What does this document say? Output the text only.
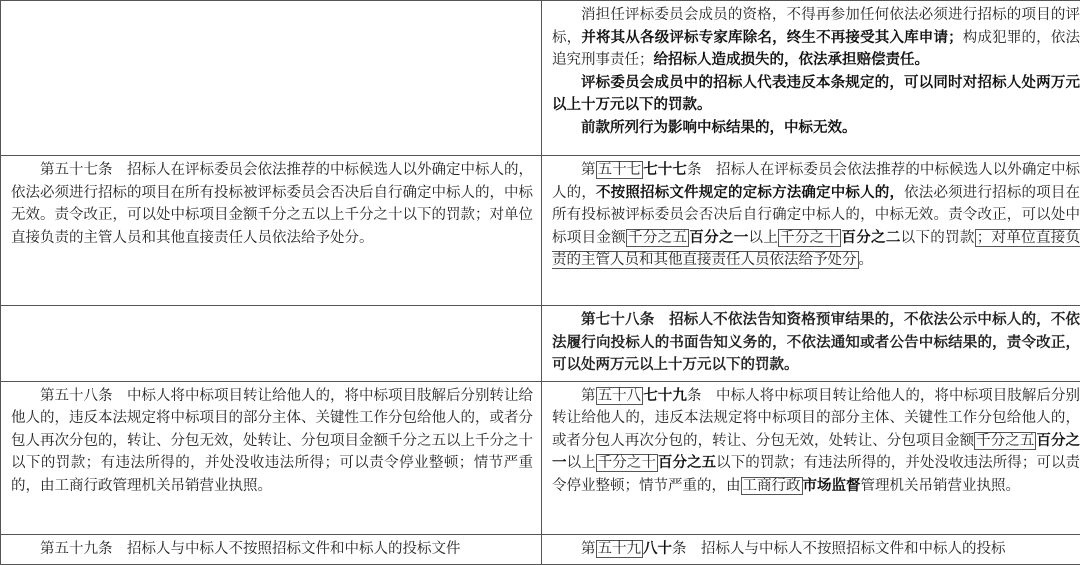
	消担任评标委员会成员的资格，不得再参加任何依法必须进行招标的项目的评标，并将其从各级评标专家库除名，终生不再接受其入库申请；构成犯罪的，依法追究刑事责任；给招标人造成损失的，依法承担赔偿责任。

评标委员会成员中的招标人代表违反本条规定的，可以同时对招标人处两万元以上十万元以下的罚款。

前款所列行为影响中标结果的，中标无效。

第五十七条 招标人在评标委员会依法推荐的中标候选人以外确定中标人的，依法必须进行招标的项目在所有投标被评标委员会否决后自行确定中标人的，中标无效。责令改正，可以处中标项目金额千分之五以上千分之十以下的罚款；对单位直接负责的主管人员和其他直接责任人员依法给予处分。	第 五十七 七十七条 招标人在评标委员会依法推荐的中标候选人以外确定中标人的，不按照招标文件规定的定标方法确定中标人的，依法必须进行招标的项目在所有投标被评标委员会否决后自行确定中标人的，中标无效。责令改正，可以处中标项目金额 千分之五 百分之一以上 千分之十 百分之二以下的罚款 ；对单位直接负责的主管人员和其他直接责任人员依法给予处分 。

	第七十八条 招标人不依法告知资格预审结果的，不依法公示中标人的，不依法履行向投标人的书面告知义务的，不依法通知或者公告中标结果的，责令改正，可以处两万元以上十万元以下的罚款。

第五十八条 中标人将中标项目转让给他人的，将中标项目肢解后分别转让给他人的，违反本法规定将中标项目的部分主体、关键性工作分包给他人的，或者分包人再次分包的，转让、分包无效，处转让、分包项目金额千分之五以上千分之十以下的罚款；有违法所得的，并处没收违法所得；可以责令停业整顿；情节严重的，由工商行政管理机关吊销营业执照。	第 五十八 七十九条 中标人将中标项目转让给他人的，将中标项目肢解后分别转让给他人的，违反本法规定将中标项目的部分主体、关键性工作分包给他人的，或者分包人再次分包的，转让、分包无效，处转让、分包项目金额 千分之五 百分之一以上 千分之十 百分之五以下的罚款；有违法所得的，并处没收违法所得；可以责令停业整顿；情节严重的，由 工商行政 市场监督管理机关吊销营业执照。

第五十九条 招标人与中标人不按照招标文件和中标人的投标文件	第 五十九 八十条 招标人与中标人不按照招标文件和中标人的投标
